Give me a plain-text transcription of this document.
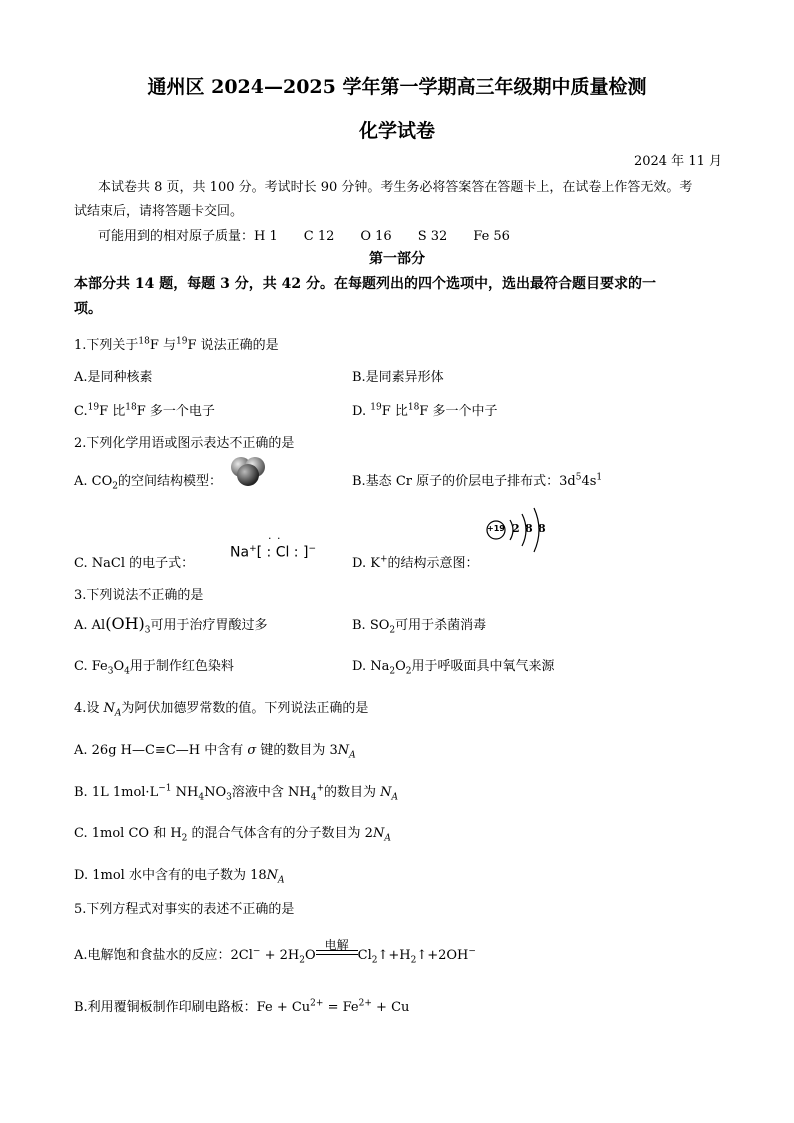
通州区 2024—2025 学年第一学期高三年级期中质量检测
化学试卷
2024 年 11 月
本试卷共 8 页，共 100 分。考试时长 90 分钟。考生务必将答案答在答题卡上，在试卷上作答无效。考
试结束后，请将答题卡交回。
可能用到的相对原子质量：H 1　　C 12　　O 16　　S 32　　Fe 56
第一部分
本部分共 14 题，每题 3 分，共 42 分。在每题列出的四个选项中，选出最符合题目要求的一
项。
1.下列关于$^{18}$F 与$^{19}$F 说法正确的是
A.是同种核素	B.是同素异形体
C.$^{19}$F 比$^{18}$F 多一个电子	D. $^{19}$F 比$^{18}$F 多一个中子
2.下列化学用语或图示表达不正确的是
A. $CO_2$的空间结构模型：	B.基态 Cr 原子的价层电子排布式：$3d^54s^1$
C. NaCl 的电子式：
· ·
Na+[ : Cl : ]−
D. K+的结构示意图：
+19 2 8 8
3.下列说法不正确的是
A. $Al(OH)_3$可用于治疗胃酸过多	B. $SO_2$可用于杀菌消毒
C. $Fe_3O_4$用于制作红色染料	D. $Na_2O_2$用于呼吸面具中氧气来源
4.设 $N_A$为阿伏加德罗常数的值。下列说法正确的是
A. 26g H—C≡C—H 中含有 σ 键的数目为 $3N_A$
B. 1L $1mol\cdot L^{-1}$ $NH_4NO_3$溶液中含 $NH_4^+$的数目为 $N_A$
C. 1mol CO 和 $H_2$ 的混合气体含有的分子数目为 $2N_A$
D. 1mol 水中含有的电子数为 $18N_A$
5.下列方程式对事实的表述不正确的是
A.电解饱和食盐水的反应：$2Cl^- + 2H_2O$
电解
$Cl_2↑+H_2↑+2OH^-$
B.利用覆铜板制作印刷电路板：$Fe + Cu^{2+} = Fe^{2+} + Cu$
